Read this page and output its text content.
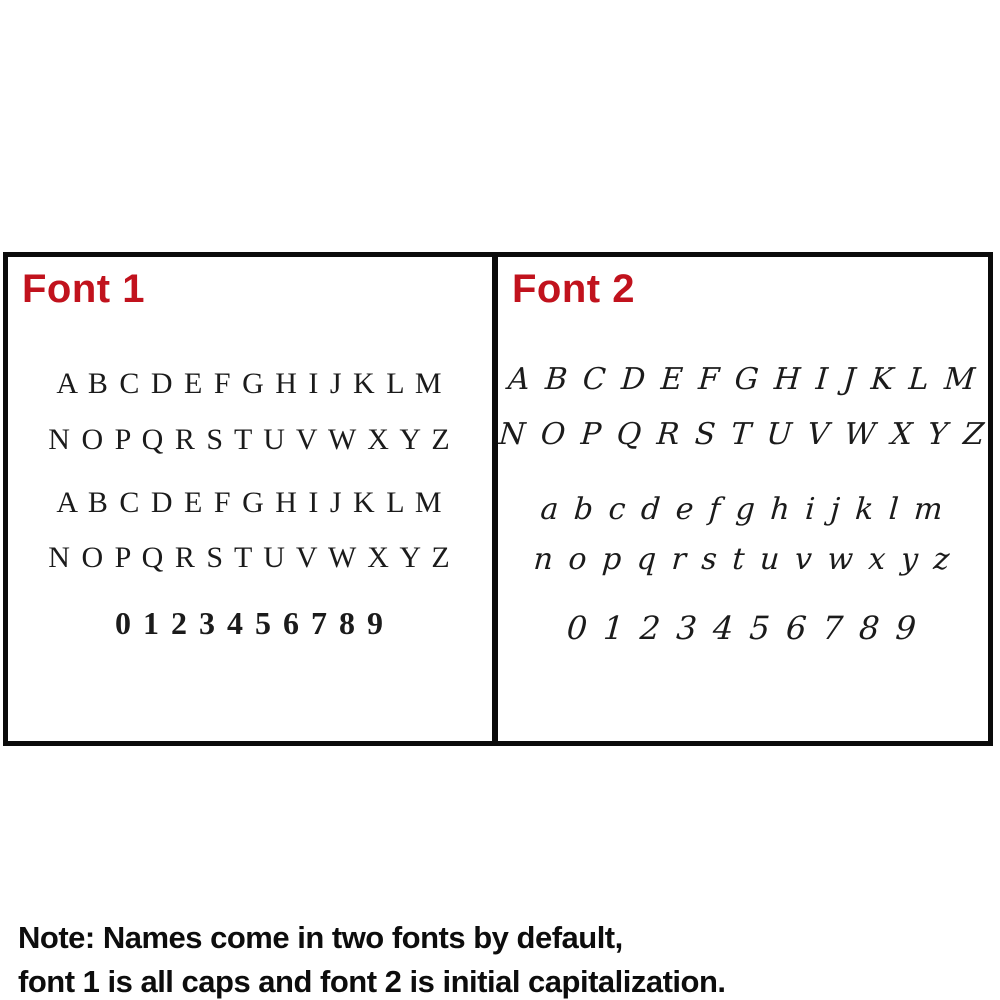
Font 1
A B C D E F G H I J K L M
N O P Q R S T U V W X Y Z
A B C D E F G H I J K L M
N O P Q R S T U V W X Y Z
0 1 2 3 4 5 6 7 8 9
Font 2
A B C D E F G H I J K L M
N O P Q R S T U V W X Y Z
a b c d e f g h i j k l m
n o p q r s t u v w x y z
0 1 2 3 4 5 6 7 8 9
Note: Names come in two fonts by default,
font 1 is all caps and font 2 is initial capitalization.
